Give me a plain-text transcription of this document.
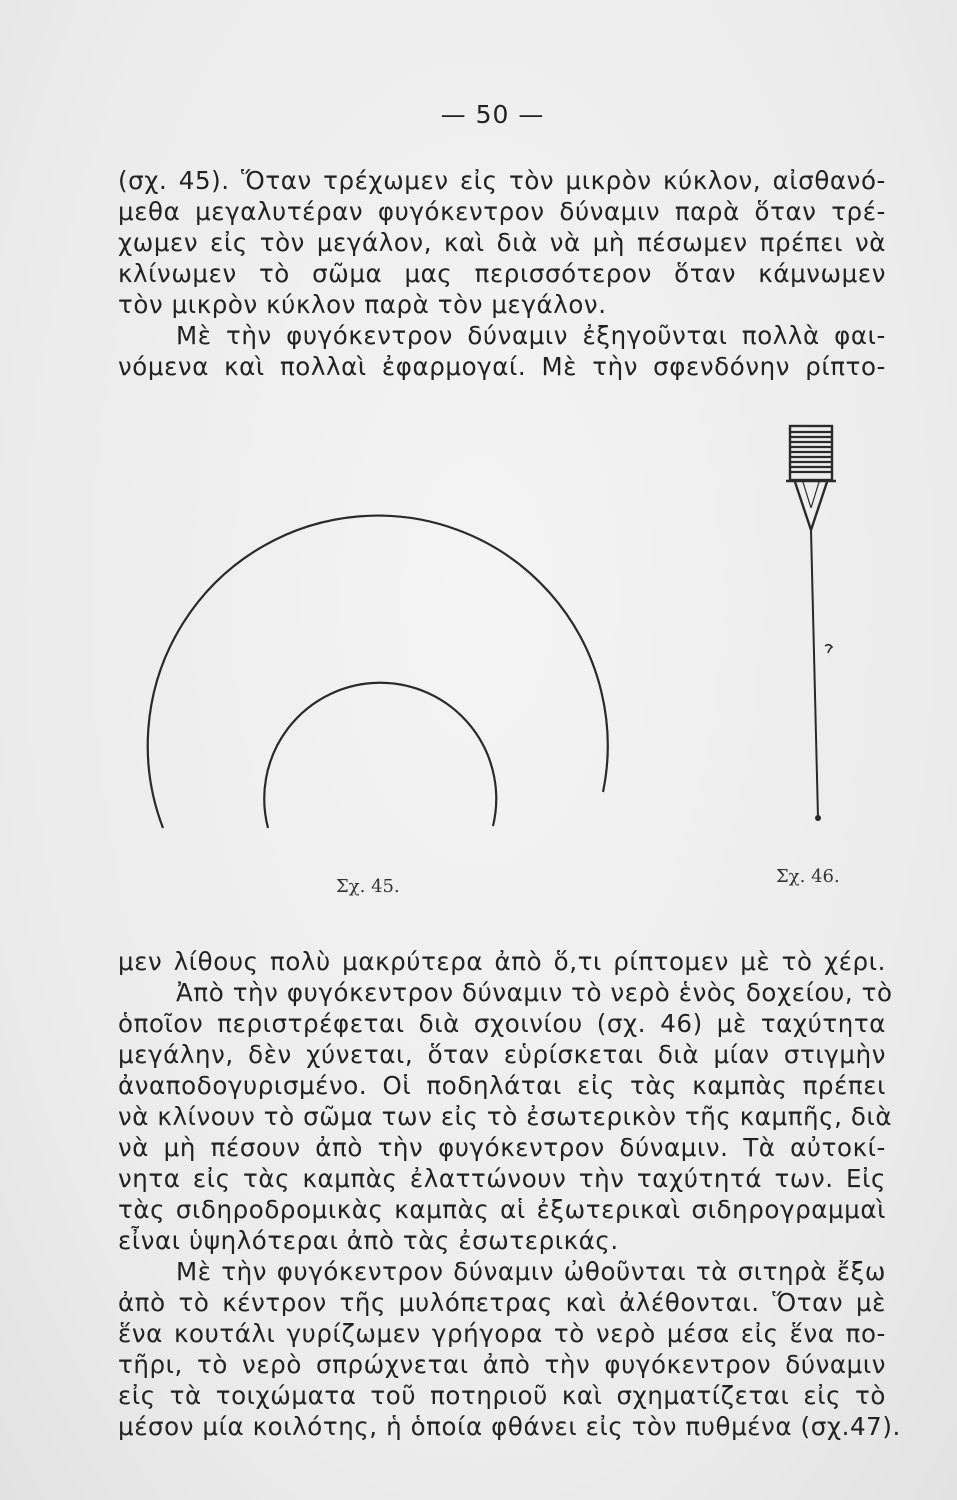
— 50 —
(σχ. 45). Ὅταν τρέχωμεν εἰς τὸν μικρὸν κύκλον, αἰσθανό-
μεθα μεγαλυτέραν φυγόκεντρον δύναμιν παρὰ ὅταν τρέ-
χωμεν εἰς τὸν μεγάλον, καὶ διὰ νὰ μὴ πέσωμεν πρέπει νὰ
κλίνωμεν τὸ σῶμα μας περισσότερον ὅταν κάμνωμεν
τὸν μικρὸν κύκλον παρὰ τὸν μεγάλον.
Μὲ τὴν φυγόκεντρον δύναμιν ἐξηγοῦνται πολλὰ φαι-
νόμενα καὶ πολλαὶ ἐφαρμογαί. Μὲ τὴν σφενδόνην ρίπτο-
Σχ. 45.	Σχ. 46.
μεν λίθους πολὺ μακρύτερα ἀπὸ ὅ,τι ρίπτομεν μὲ τὸ χέρι.
Ἀπὸ τὴν φυγόκεντρον δύναμιν τὸ νερὸ ἑνὸς δοχείου, τὸ
ὁποῖον περιστρέφεται διὰ σχοινίου (σχ. 46) μὲ ταχύτητα
μεγάλην, δὲν χύνεται, ὅταν εὑρίσκεται διὰ μίαν στιγμὴν
ἀναποδογυρισμένο. Οἱ ποδηλάται εἰς τὰς καμπὰς πρέπει
νὰ κλίνουν τὸ σῶμα των εἰς τὸ ἐσωτερικὸν τῆς καμπῆς, διὰ
νὰ μὴ πέσουν ἀπὸ τὴν φυγόκεντρον δύναμιν. Τὰ αὐτοκί-
νητα εἰς τὰς καμπὰς ἐλαττώνουν τὴν ταχύτητά των. Εἰς
τὰς σιδηροδρομικὰς καμπὰς αἱ ἐξωτερικαὶ σιδηρογραμμαὶ
εἶναι ὑψηλότεραι ἀπὸ τὰς ἐσωτερικάς.
Μὲ τὴν φυγόκεντρον δύναμιν ὠθοῦνται τὰ σιτηρὰ ἔξω
ἀπὸ τὸ κέντρον τῆς μυλόπετρας καὶ ἀλέθονται. Ὅταν μὲ
ἕνα κουτάλι γυρίζωμεν γρήγορα τὸ νερὸ μέσα εἰς ἕνα πο-
τῆρι, τὸ νερὸ σπρώχνεται ἀπὸ τὴν φυγόκεντρον δύναμιν
εἰς τὰ τοιχώματα τοῦ ποτηριοῦ καὶ σχηματίζεται εἰς τὸ
μέσον μία κοιλότης, ἡ ὁποία φθάνει εἰς τὸν πυθμένα (σχ.47).
